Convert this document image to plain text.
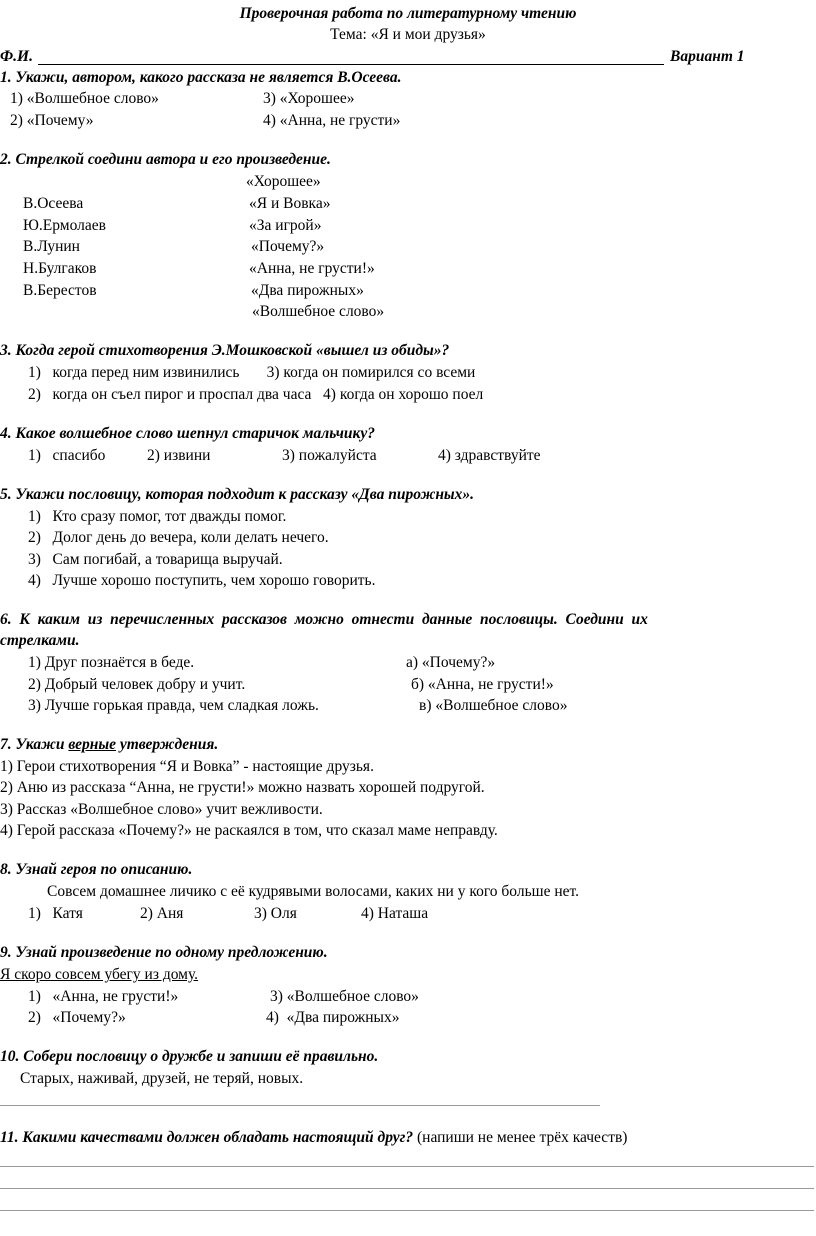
Проверочная работа по литературному чтению
Тема: «Я и мои друзья»
Ф.И.	Вариант 1
1. Укажи, автором, какого рассказа не является В.Осеева.
1) «Волшебное слово»	3) «Хорошее»
2) «Почему»	4) «Анна, не грусти»
2. Стрелкой соедини автора и его произведение.
«Хорошее»
В.Осеева	«Я и Вовка»
Ю.Ермолаев	«За игрой»
В.Лунин	«Почему?»
Н.Булгаков	«Анна, не грусти!»
В.Берестов	«Два пирожных»
«Волшебное слово»
3. Когда герой стихотворения Э.Мошковской «вышел из обиды»?
1)   когда перед ним извинились       3) когда он помирился со всеми
2)   когда он съел пирог и проспал два часа   4) когда он хорошо поел
4. Какое волшебное слово шепнул старичок мальчику?
1)   спасибо	2) извини	3) пожалуйста	4) здравствуйте
5. Укажи пословицу, которая подходит к рассказу «Два пирожных».
1)   Кто сразу помог, тот дважды помог.
2)   Долог день до вечера, коли делать нечего.
3)   Сам погибай, а товарища выручай.
4)   Лучше хорошо поступить, чем хорошо говорить.
6.  К  каким  из  перечисленных  рассказов  можно  отнести  данные  пословицы.  Соедини  их
стрелками.
1) Друг познаётся в беде.	а) «Почему?»
2) Добрый человек добру и учит.	б) «Анна, не грусти!»
3) Лучше горькая правда, чем сладкая ложь.	в) «Волшебное слово»
7. Укажи верные утверждения.
1) Герои стихотворения “Я и Вовка” - настоящие друзья.
2) Аню из рассказа “Анна, не грусти!» можно назвать хорошей подругой.
3) Рассказ «Волшебное слово» учит вежливости.
4) Герой рассказа «Почему?» не раскаялся в том, что сказал маме неправду.
8. Узнай героя по описанию.
Совсем домашнее личико с её кудрявыми волосами, каких ни у кого больше нет.
1)   Катя	2) Аня	3) Оля	4) Наташа
9. Узнай произведение по одному предложению.
Я скоро совсем убегу из дому.
1)   «Анна, не грусти!»	3) «Волшебное слово»
2)   «Почему?»	4)  «Два пирожных»
10. Собери пословицу о дружбе и запиши её правильно.
Старых, наживай, друзей, не теряй, новых.
11. Какими качествами должен обладать настоящий друг? (напиши не менее трёх качеств)
